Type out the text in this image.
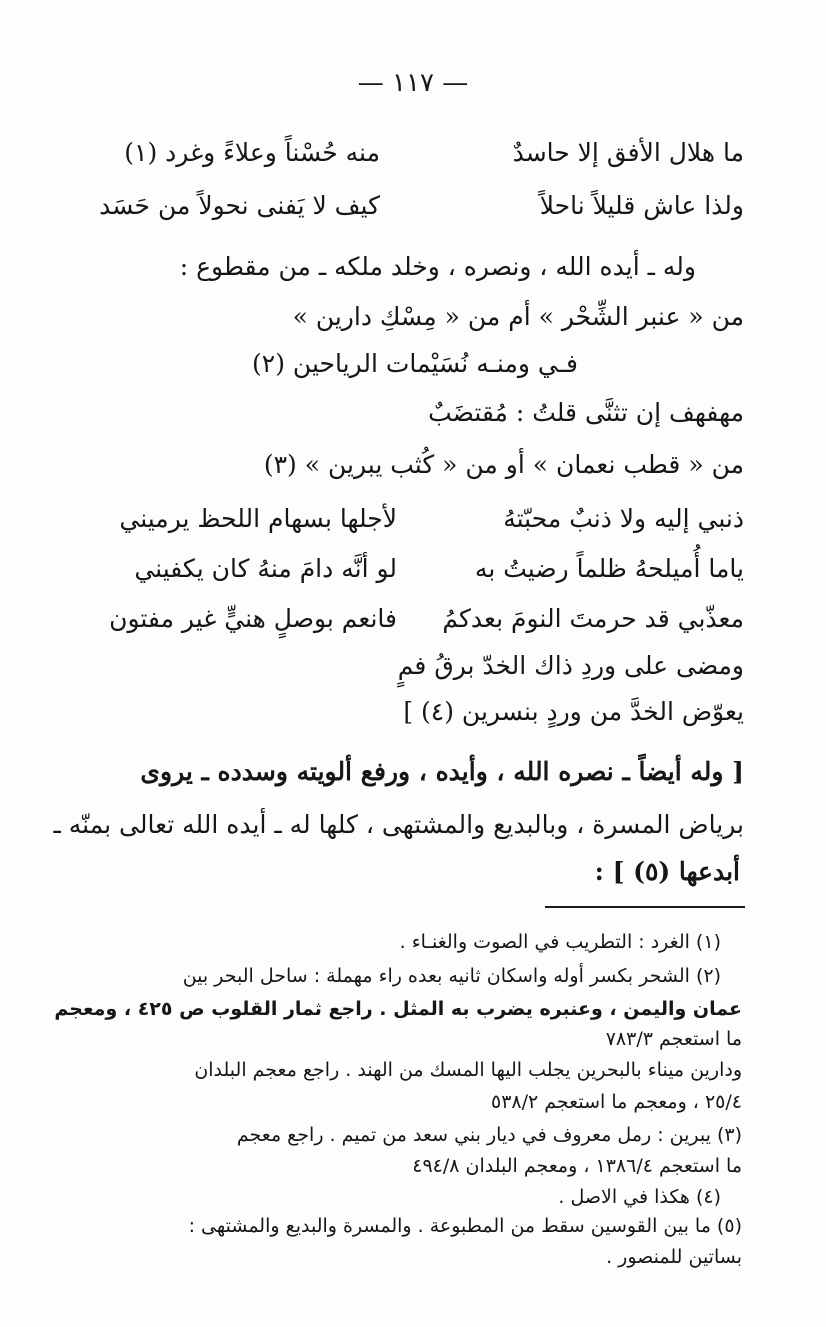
— ١١٧ —
ما هلال الأفق إلا حاسدٌ
منه حُسْناً وعلاءً وغرد (١)
ولذا عاش قليلاً ناحلاً
كيف لا يَفنى نحولاً من حَسَد
وله ـ أيده الله ، ونصره ، وخلد ملكه ـ من مقطوع :
من « عنبر الشِّحْر » أم من « مِسْكِ دارين »
فـي ومنـه نُسَيْمات الرياحين (٢)
مهفهف إن تثنَّى قلتُ : مُقتضَبٌ
من « قطب نعمان » أو من « كُثب يبرين » (٣)
ذنبي إليه ولا ذنبٌ محبّتهُ
لأجلها بسهام اللحظ يرميني
ياما أُميلحهُ ظلماً رضيتُ به
لو أنَّه دامَ منهُ كان يكفيني
معذّبي قد حرمتَ النومَ بعدكمُ
فانعم بوصلٍ هنيٍّ غير مفتون
ومضى على وردِ ذاك الخدّ برقُ فمٍ
يعوّض الخدَّ من وردٍ بنسرين (٤) ]
[ وله أيضاً ـ نصره الله ، وأيده ، ورفع ألويته وسدده ـ يروى
برياض المسرة ، وبالبديع والمشتهى ، كلها له ـ أيده الله تعالى بمنّه ـ
أبدعها (٥) ] :
(١) الغرد : التطريب في الصوت والغنـاء .
(٢) الشحر بكسر أوله واسكان ثانيه بعده راء مهملة : ساحل البحر بين
عمان واليمن ، وعنبره يضرب به المثل . راجع ثمار القلوب ص ٤٢٥ ، ومعجم
ما استعجم ٧٨٣/٣
ودارين ميناء بالبحرين يجلب اليها المسك من الهند . راجع معجم البلدان
٢٥/٤ ، ومعجم ما استعجم ٥٣٨/٢
(٣) يبرين : رمل معروف في ديار بني سعد من تميم . راجع معجم
ما استعجم ١٣٨٦/٤ ، ومعجم البلدان ٤٩٤/٨
(٤) هكذا في الاصل .
(٥) ما بين القوسين سقط من المطبوعة . والمسرة والبديع والمشتهى :
بساتين للمنصور .
